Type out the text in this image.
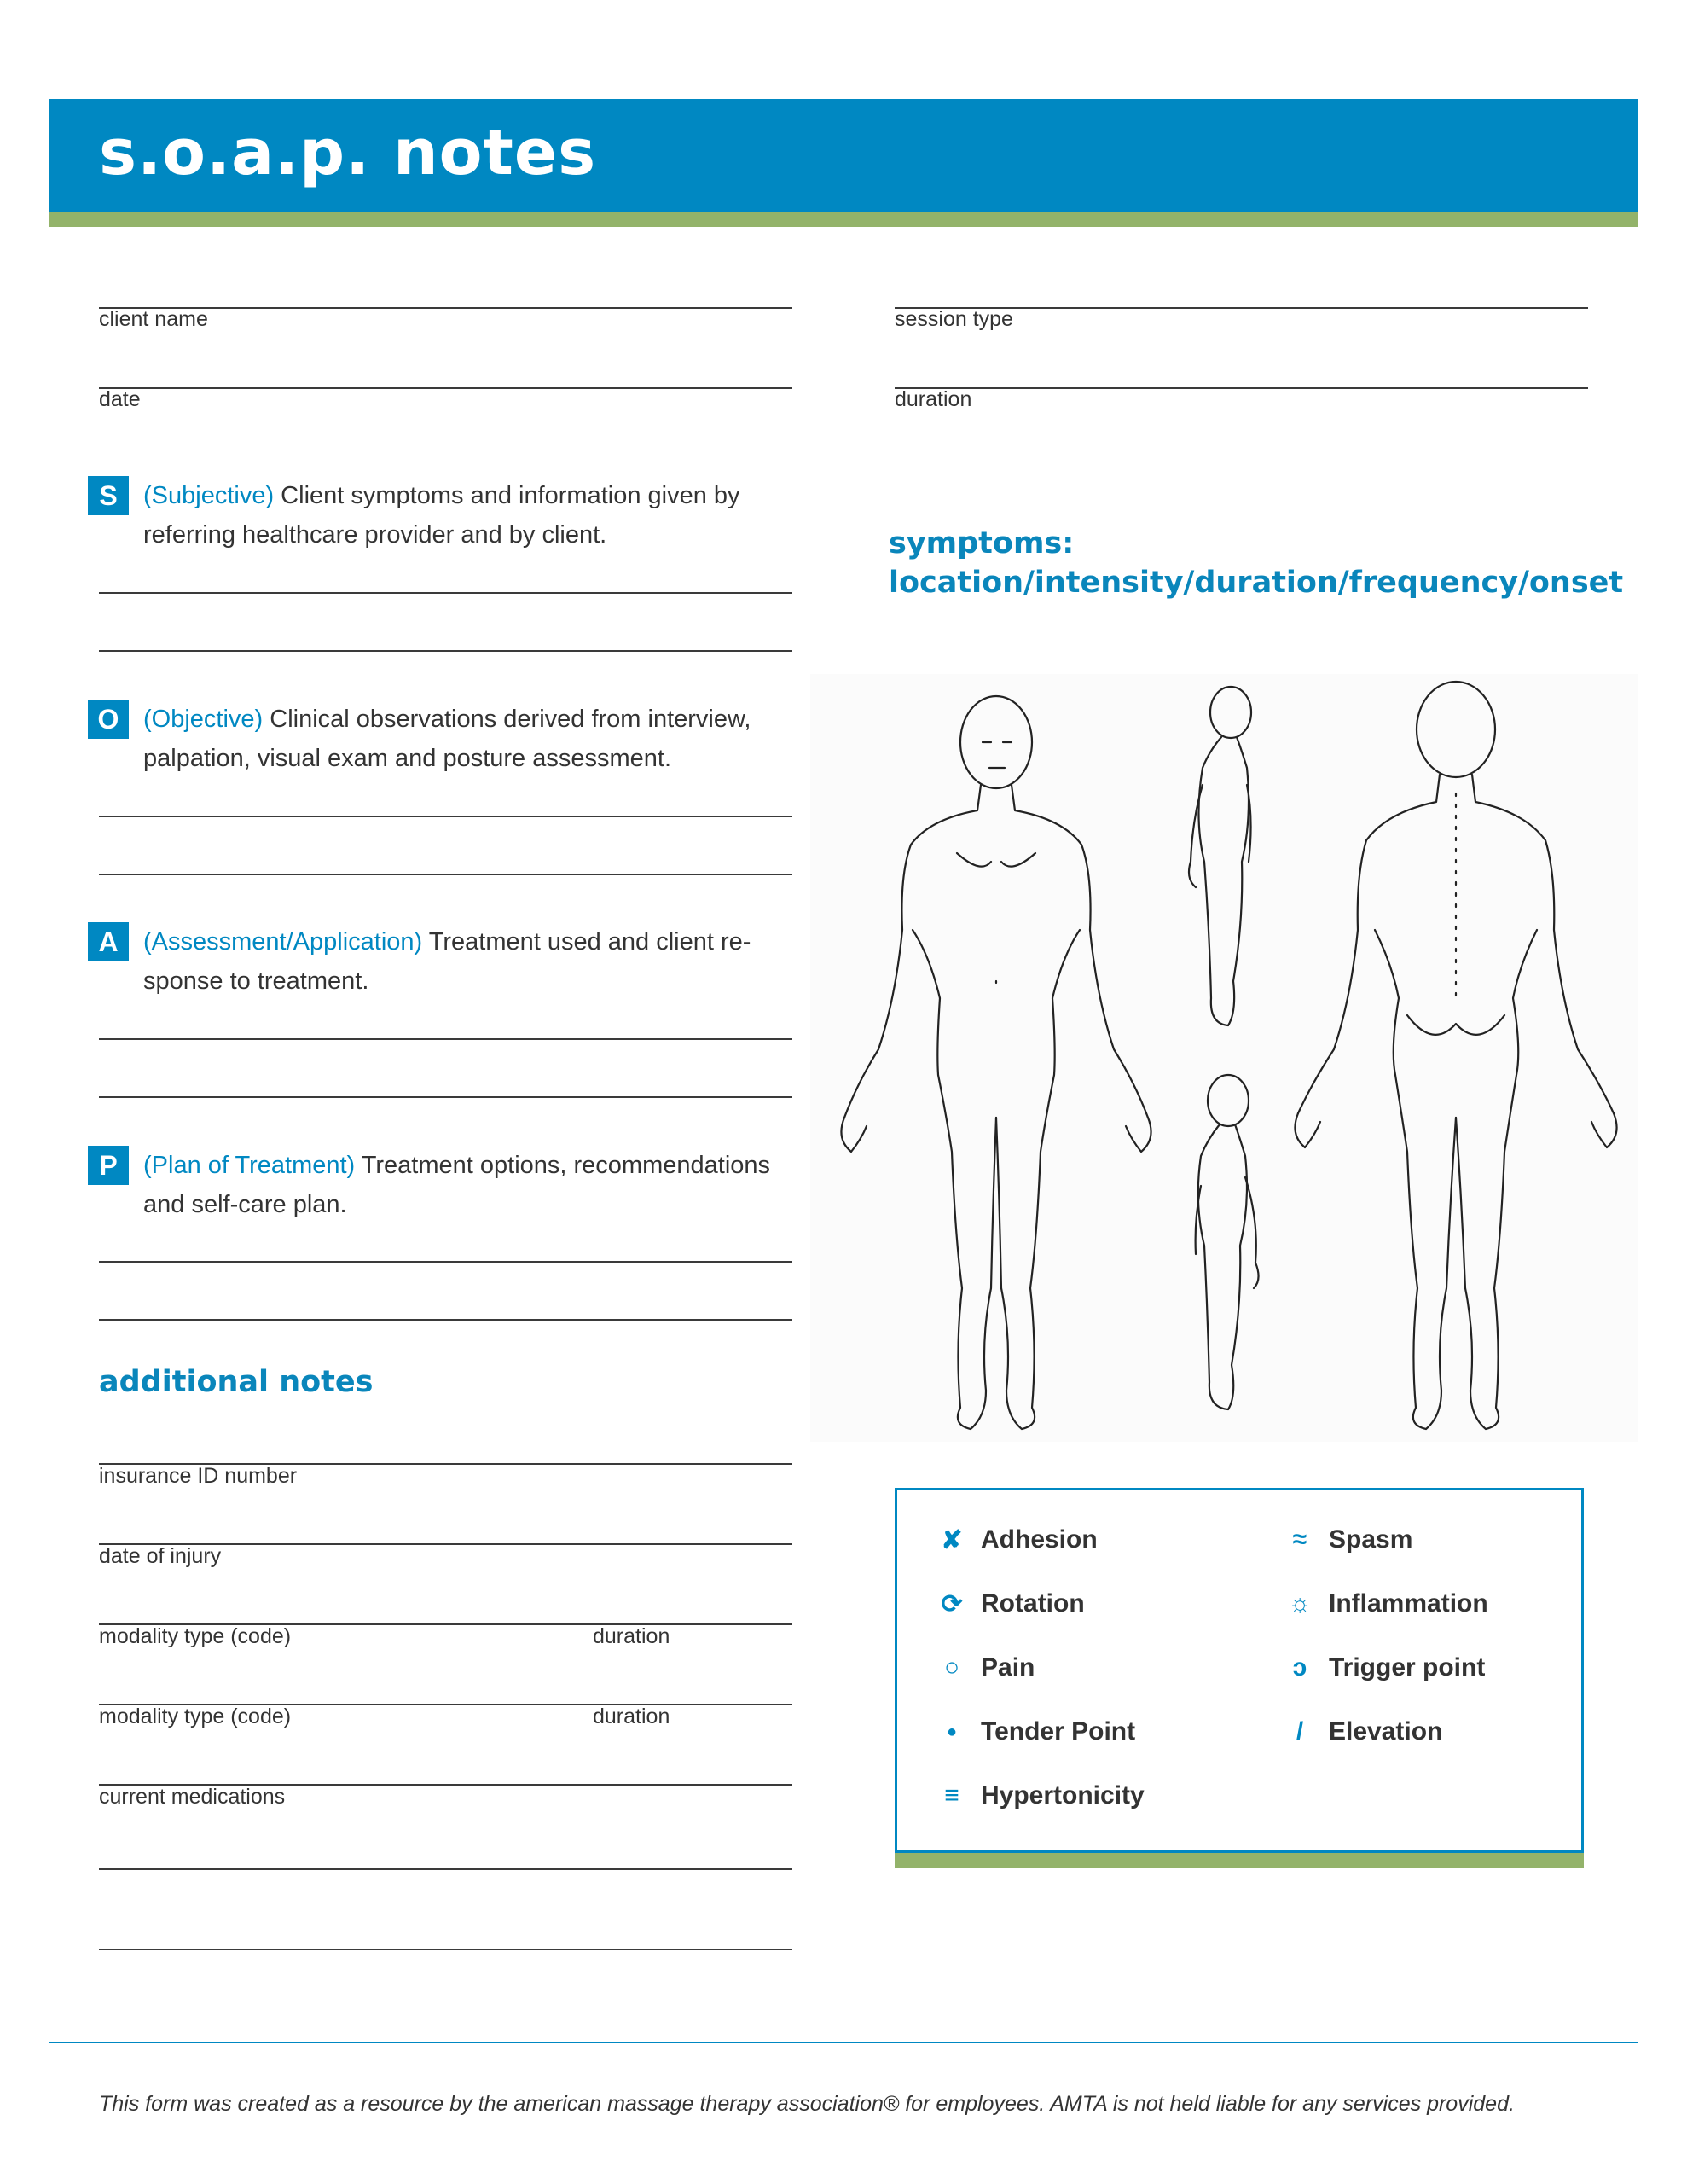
s.o.a.p. notes
client name
date
session type
duration
S	(Subjective) Client symptoms and information given by
referring healthcare provider and by client.
O (Objective) Clinical observations derived from interview,
palpation, visual exam and posture assessment.
A	(Assessment/Application) Treatment used and client re-
sponse to treatment.
P	(Plan of Treatment) Treatment options, recommendations
and self-care plan.
additional notes
insurance ID number
date of injury
modality type (code)	duration
modality type (code)	duration
current medications
symptoms:
location/intensity/duration/frequency/onset
✘ Adhesion
⟳ Rotation
○ Pain
● Tender Point
≡ Hypertonicity
≈ Spasm
☼ Inflammation
ↄ Trigger point
/ Elevation
This form was created as a resource by the american massage therapy association® for employees. AMTA is not held liable for any services provided.
